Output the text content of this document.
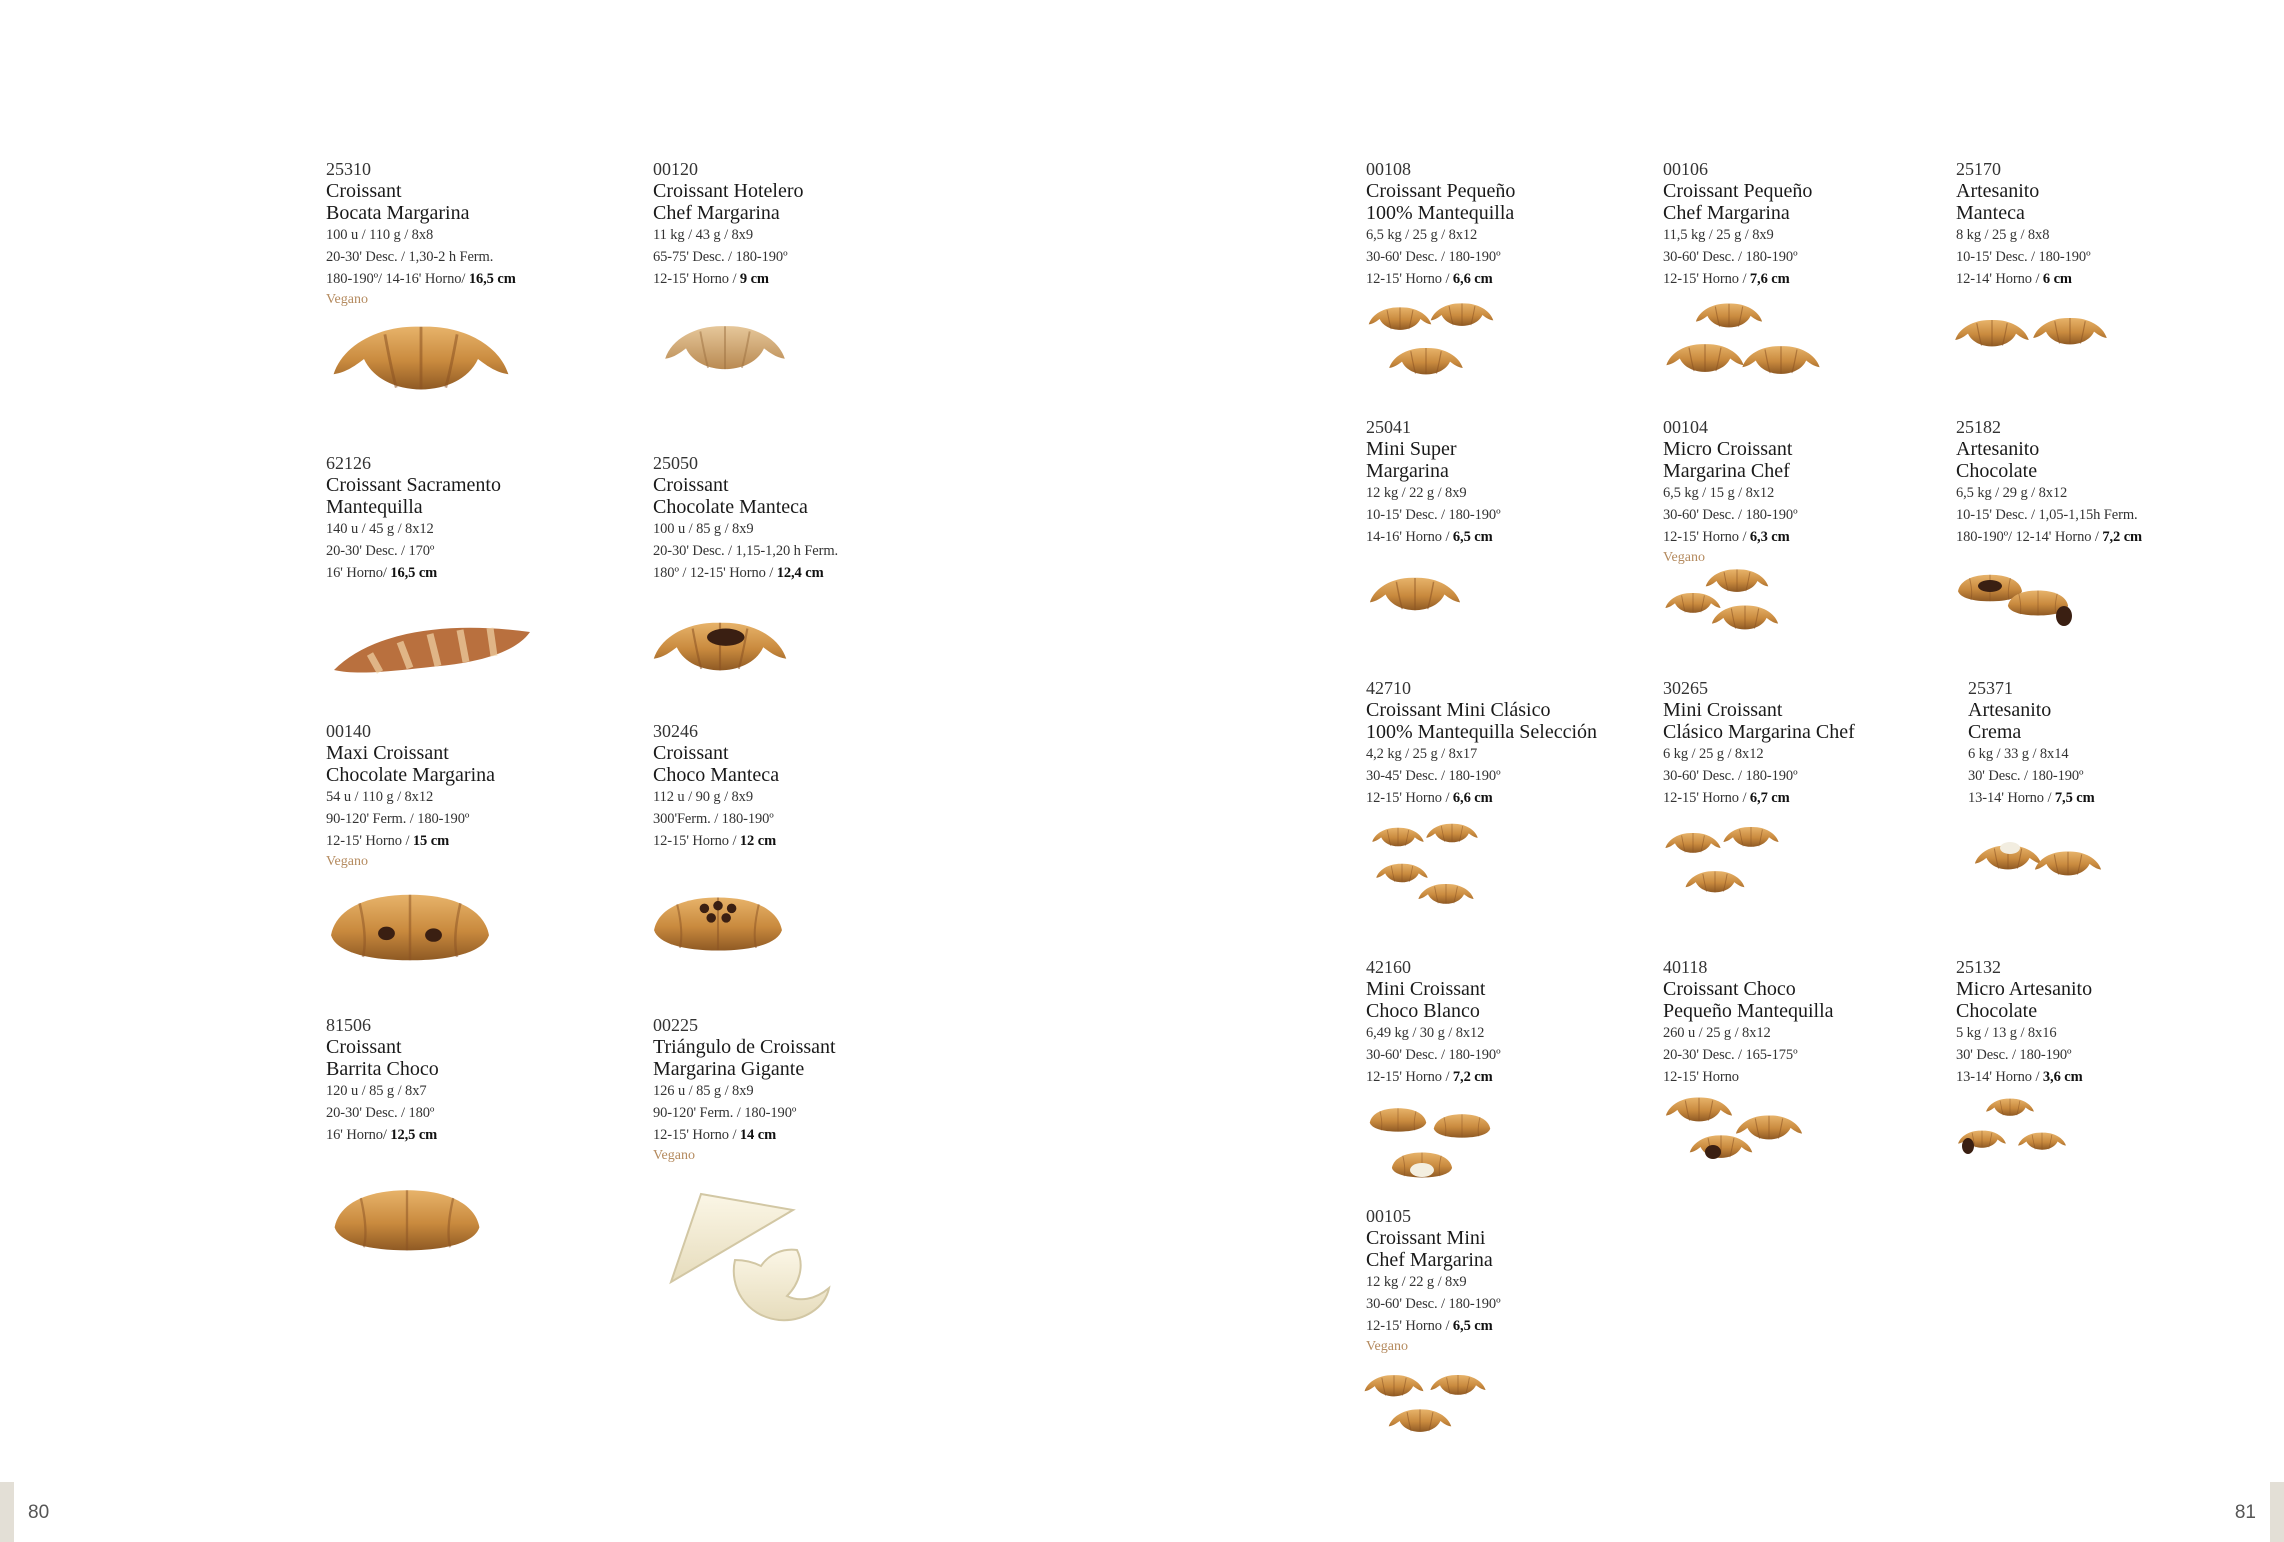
25310
Croissant
Bocata Margarina
100 u / 110 g / 8x8
20-30' Desc. / 1,30-2 h Ferm.
180-190º/ 14-16' Horno/ 16,5 cm
Vegano
00120
Croissant Hotelero
Chef Margarina
11 kg / 43 g / 8x9
65-75' Desc. / 180-190º
12-15' Horno / 9 cm
62126
Croissant Sacramento
Mantequilla
140 u / 45 g / 8x12
20-30' Desc. / 170º
16' Horno/ 16,5 cm
25050
Croissant
Chocolate Manteca
100 u / 85 g / 8x9
20-30' Desc. / 1,15-1,20 h Ferm.
180º / 12-15' Horno / 12,4 cm
00140
Maxi Croissant
Chocolate Margarina
54 u / 110 g / 8x12
90-120' Ferm. / 180-190º
12-15' Horno / 15 cm
Vegano
30246
Croissant
Choco Manteca
112 u / 90 g / 8x9
300'Ferm. / 180-190º
12-15' Horno / 12 cm
81506
Croissant
Barrita Choco
120 u / 85 g / 8x7
20-30' Desc. / 180º
16' Horno/ 12,5 cm
00225
Triángulo de Croissant
Margarina Gigante
126 u / 85 g / 8x9
90-120' Ferm. / 180-190º
12-15' Horno / 14 cm
Vegano
00108
Croissant Pequeño
100% Mantequilla
6,5 kg / 25 g / 8x12
30-60' Desc. / 180-190º
12-15' Horno / 6,6 cm
00106
Croissant Pequeño
Chef Margarina
11,5 kg / 25 g / 8x9
30-60' Desc. / 180-190º
12-15' Horno / 7,6 cm
25170
Artesanito
Manteca
8 kg / 25 g / 8x8
10-15' Desc. / 180-190º
12-14' Horno / 6 cm
25041
Mini Super
Margarina
12 kg / 22 g / 8x9
10-15' Desc. / 180-190º
14-16' Horno / 6,5 cm
00104
Micro Croissant
Margarina Chef
6,5 kg / 15 g / 8x12
30-60' Desc. / 180-190º
12-15' Horno / 6,3 cm
Vegano
25182
Artesanito
Chocolate
6,5 kg / 29 g / 8x12
10-15' Desc. / 1,05-1,15h Ferm.
180-190º/ 12-14' Horno / 7,2 cm
42710
Croissant Mini Clásico
100% Mantequilla Selección
4,2 kg / 25 g / 8x17
30-45' Desc. / 180-190º
12-15' Horno / 6,6 cm
30265
Mini Croissant
Clásico Margarina Chef
6 kg / 25 g / 8x12
30-60' Desc. / 180-190º
12-15' Horno / 6,7 cm
25371
Artesanito
Crema
6 kg / 33 g / 8x14
30' Desc. / 180-190º
13-14' Horno / 7,5 cm
42160
Mini Croissant
Choco Blanco
6,49 kg / 30 g / 8x12
30-60' Desc. / 180-190º
12-15' Horno / 7,2 cm
40118
Croissant Choco
Pequeño Mantequilla
260 u / 25 g / 8x12
20-30' Desc. / 165-175º
12-15' Horno
25132
Micro Artesanito
Chocolate
5 kg / 13 g / 8x16
30' Desc. / 180-190º
13-14' Horno / 3,6 cm
00105
Croissant Mini
Chef Margarina
12 kg / 22 g / 8x9
30-60' Desc. / 180-190º
12-15' Horno / 6,5 cm
Vegano
80	81
